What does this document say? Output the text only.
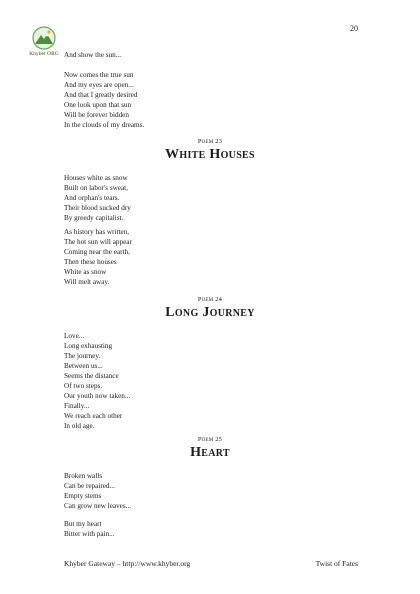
20
Khyber ORG And show the sun...
Now comes the true sun
And my eyes are open...
And that I greatly desired
One look upon that sun
Will be forever bidden
In the clouds of my dreams.
Poem 23
White Houses
Houses white as snow
Built on labor's sweat,
And orphan's tears.
Their blood sucked dry
By greedy capitalist.
As history has written,
The hot sun will appear
Coming near the earth,
Then these houses
White as snow
Will melt away.
Poem 24
Long Journey
Love...
Long exhausting
The journey.
Between us...
Seems the distance
Of two steps.
Our youth now taken...
Finally...
We reach each other
In old age.
Poem 25
Heart
Broken walls
Can be repaired...
Empty stems
Can grow new leaves...
But my heart
Bitter with pain...
Khyber Gateway – http://www.khyber.org	Twist of Fates
